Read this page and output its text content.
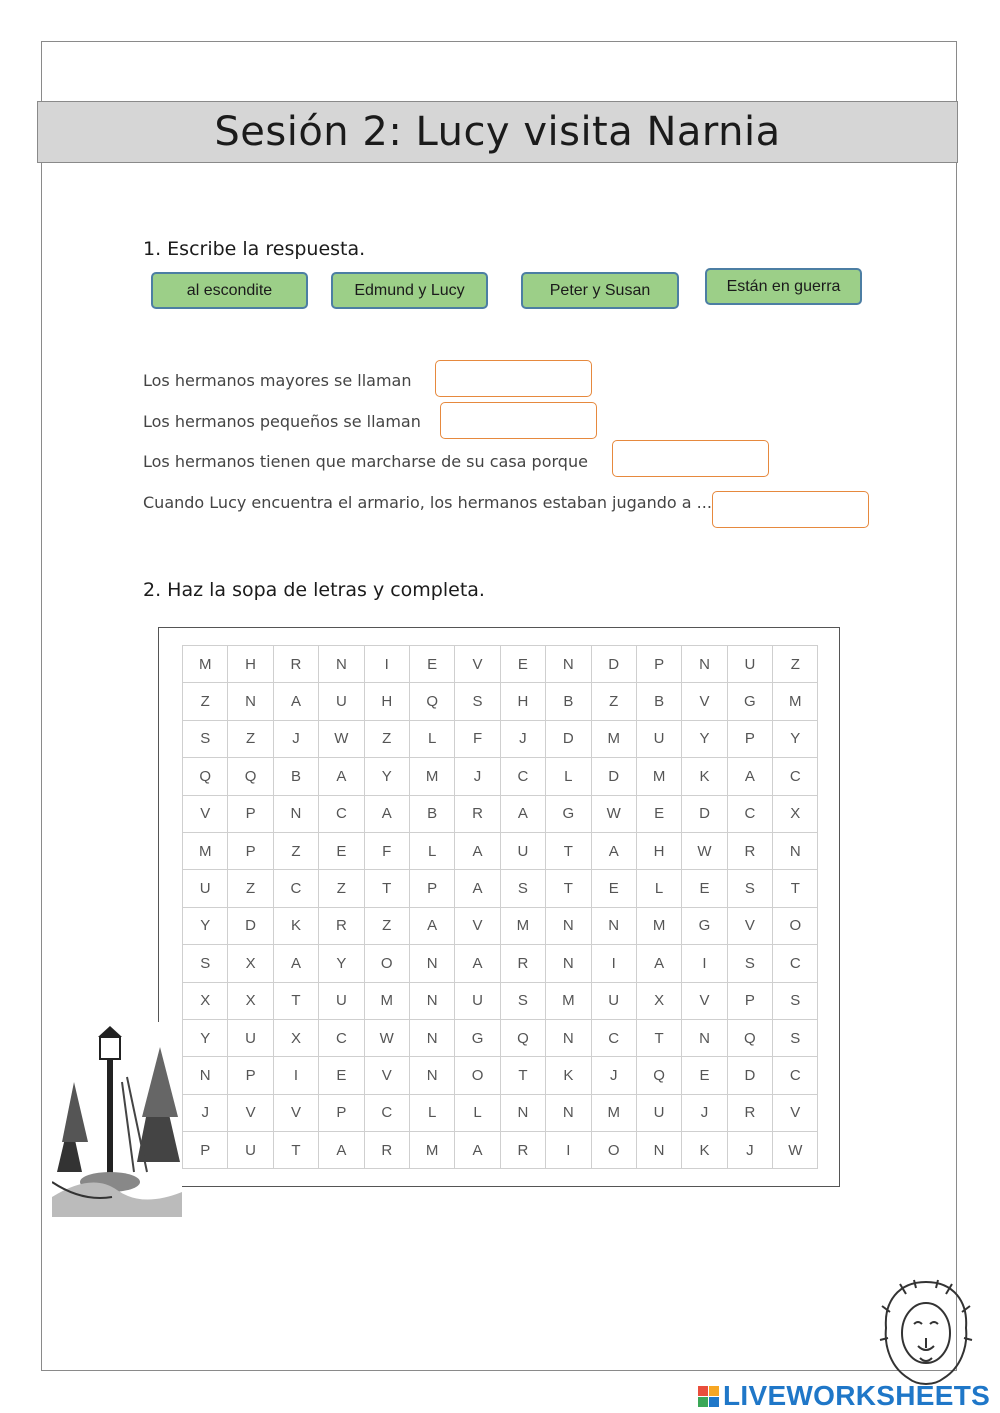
Sesión 2: Lucy visita Narnia
1. Escribe la respuesta.
al escondite	Edmund y Lucy	Peter y Susan	Están en guerra
Los hermanos mayores se llaman
Los hermanos pequeños se llaman
Los hermanos tienen que marcharse de su casa porque
Cuando Lucy encuentra el armario, los hermanos estaban jugando a ...
2. Haz la sopa de letras y completa.
M	H	R	N	I	E	V	E	N	D	P	N	U	Z
Z	N	A	U	H	Q	S	H	B	Z	B	V	G	M
S	Z	J	W	Z	L	F	J	D	M	U	Y	P	Y
Q	Q	B	A	Y	M	J	C	L	D	M	K	A	C
V	P	N	C	A	B	R	A	G	W	E	D	C	X
M	P	Z	E	F	L	A	U	T	A	H	W	R	N
U	Z	C	Z	T	P	A	S	T	E	L	E	S	T
Y	D	K	R	Z	A	V	M	N	N	M	G	V	O
S	X	A	Y	O	N	A	R	N	I	A	I	S	C
X	X	T	U	M	N	U	S	M	U	X	V	P	S
Y	U	X	C	W	N	G	Q	N	C	T	N	Q	S
N	P	I	E	V	N	O	T	K	J	Q	E	D	C
J	V	V	P	C	L	L	N	N	M	U	J	R	V
P	U	T	A	R	M	A	R	I	O	N	K	J	W
LIVEWORKSHEETS
